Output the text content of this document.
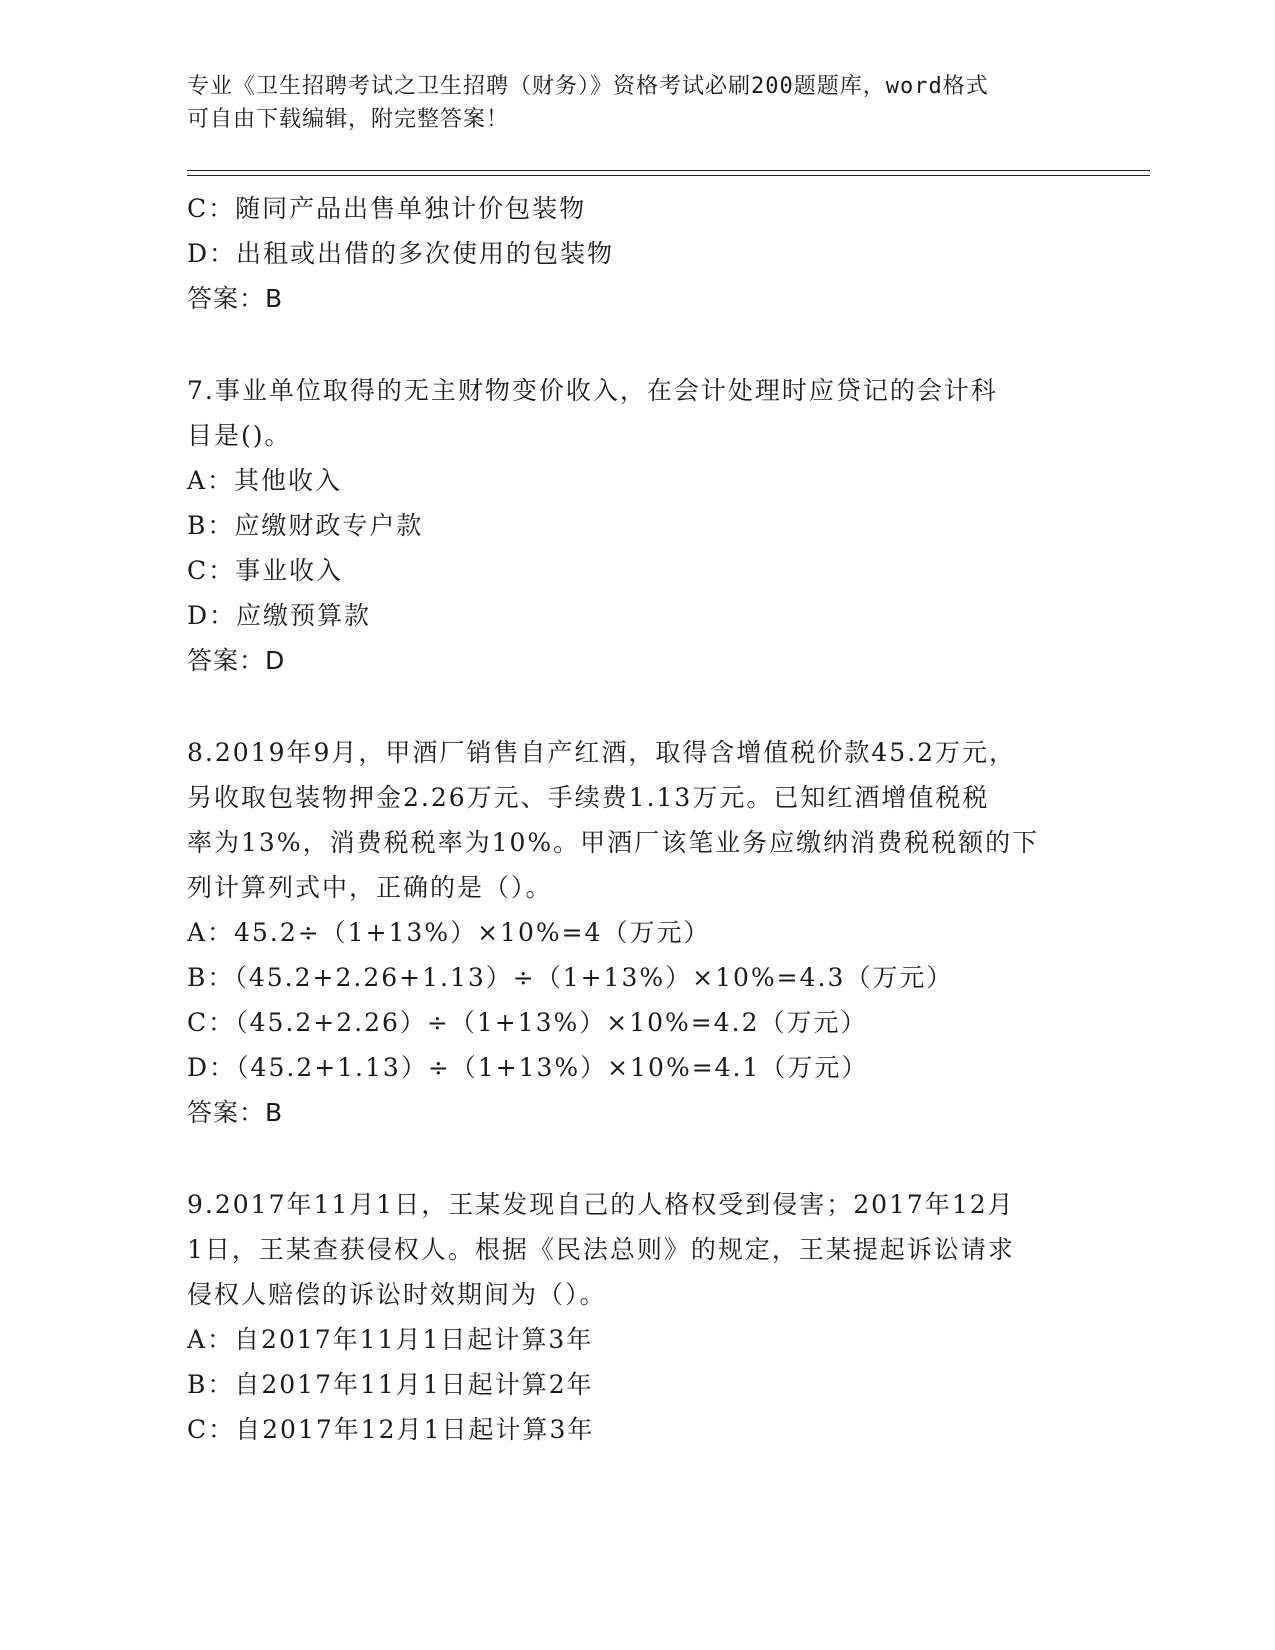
专业《卫生招聘考试之卫生招聘（财务）》资格考试必刷200题题库，word格式
可自由下载编辑，附完整答案！
C：随同产品出售单独计价包装物
D：出租或出借的多次使用的包装物
答案：B
7.事业单位取得的无主财物变价收入，在会计处理时应贷记的会计科
目是()。
A：其他收入
B：应缴财政专户款
C：事业收入
D：应缴预算款
答案：D
8.2019年9月，甲酒厂销售自产红酒，取得含增值税价款45.2万元，
另收取包装物押金2.26万元、手续费1.13万元。已知红酒增值税税
率为13%，消费税税率为10%。甲酒厂该笔业务应缴纳消费税税额的下
列计算列式中，正确的是（）。
A：45.2÷（1+13%）×10%=4（万元）
B：（45.2+2.26+1.13）÷（1+13%）×10%=4.3（万元）
C：（45.2+2.26）÷（1+13%）×10%=4.2（万元）
D：（45.2+1.13）÷（1+13%）×10%=4.1（万元）
答案：B
9.2017年11月1日，王某发现自己的人格权受到侵害；2017年12月
1日，王某查获侵权人。根据《民法总则》的规定，王某提起诉讼请求
侵权人赔偿的诉讼时效期间为（）。
A：自2017年11月1日起计算3年
B：自2017年11月1日起计算2年
C：自2017年12月1日起计算3年
